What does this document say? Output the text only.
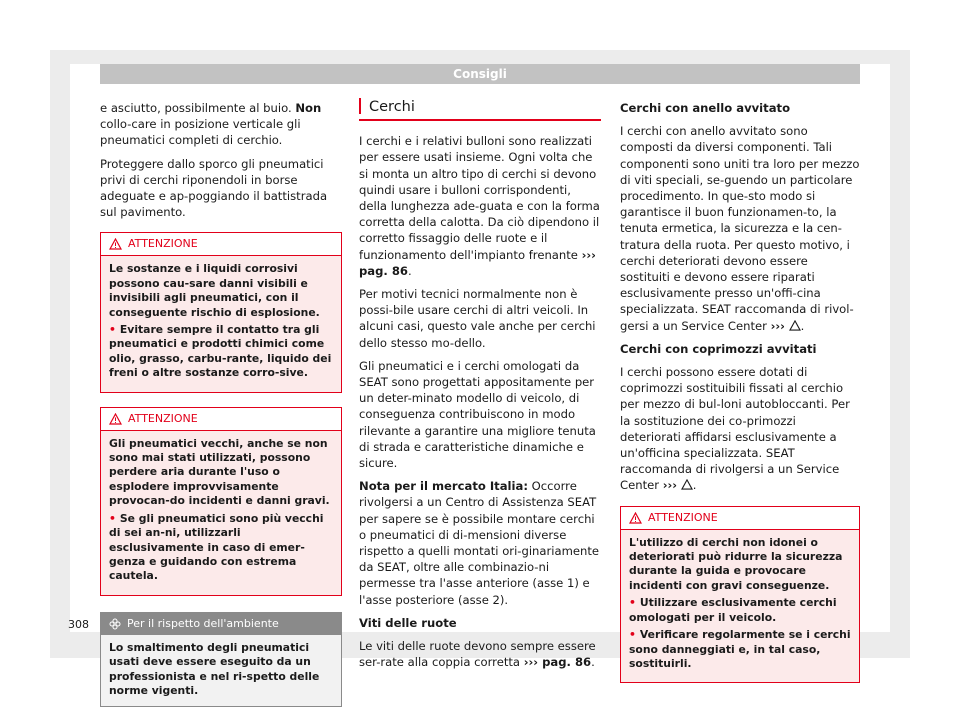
Consigli

e asciutto, possibilmente al buio. Non collo-care in posizione verticale gli pneumatici completi di cerchio.

Proteggere dallo sporco gli pneumatici privi di cerchi riponendoli in borse adeguate e ap-poggiando il battistrada sul pavimento.

ATTENZIONE

Le sostanze e i liquidi corrosivi possono cau-sare danni visibili e invisibili agli pneumatici, con il conseguente rischio di esplosione.

• Evitare sempre il contatto tra gli pneumatici e prodotti chimici come olio, grasso, carbu-rante, liquido dei freni o altre sostanze corro-sive.

ATTENZIONE

Gli pneumatici vecchi, anche se non sono mai stati utilizzati, possono perdere aria durante l'uso o esplodere improvvisamente provocan-do incidenti e danni gravi.

• Se gli pneumatici sono più vecchi di sei an-ni, utilizzarli esclusivamente in caso di emer-genza e guidando con estrema cautela.

Per il rispetto dell'ambiente
Lo smaltimento degli pneumatici usati deve essere eseguito da un professionista e nel ri-spetto delle norme vigenti.
Cerchi

I cerchi e i relativi bulloni sono realizzati per essere usati insieme. Ogni volta che si monta un altro tipo di cerchi si devono quindi usare i bulloni corrispondenti, della lunghezza ade-guata e con la forma corretta della calotta. Da ciò dipendono il corretto fissaggio delle ruote e il funzionamento dell'impianto frenante ››› pag. 86.

Per motivi tecnici normalmente non è possi-bile usare cerchi di altri veicoli. In alcuni casi, questo vale anche per cerchi dello stesso mo-dello.

Gli pneumatici e i cerchi omologati da SEAT sono progettati appositamente per un deter-minato modello di veicolo, di conseguenza contribuiscono in modo rilevante a garantire una migliore tenuta di strada e caratteristiche dinamiche e sicure.

Nota per il mercato Italia: Occorre rivolgersi a un Centro di Assistenza SEAT per sapere se è possibile montare cerchi o pneumatici di di-mensioni diverse rispetto a quelli montati ori-ginariamente da SEAT, oltre alle combinazio-ni permesse tra l'asse anteriore (asse 1) e l'asse posteriore (asse 2).

Viti delle ruote

Le viti delle ruote devono sempre essere ser-rate alla coppia corretta ››› pag. 86.

Cerchi con anello avvitato

I cerchi con anello avvitato sono composti da diversi componenti. Tali componenti sono uniti tra loro per mezzo di viti speciali, se-guendo un particolare procedimento. In que-sto modo si garantisce il buon funzionamen-to, la tenuta ermetica, la sicurezza e la cen-tratura della ruota. Per questo motivo, i cerchi deteriorati devono essere sostituiti e devono essere riparati esclusivamente presso un'offi-cina specializzata. SEAT raccomanda di rivol-gersi a un Service Center ››› .

Cerchi con coprimozzi avvitati

I cerchi possono essere dotati di coprimozzi sostituibili fissati al cerchio per mezzo di bul-loni autobloccanti. Per la sostituzione dei co-primozzi deteriorati affidarsi esclusivamente a un'officina specializzata. SEAT raccomanda di rivolgersi a un Service Center ››› .

ATTENZIONE

L'utilizzo di cerchi non idonei o deteriorati può ridurre la sicurezza durante la guida e provocare incidenti con gravi conseguenze.

• Utilizzare esclusivamente cerchi omologati per il veicolo.

• Verificare regolarmente se i cerchi sono danneggiati e, in tal caso, sostituirli.

308
